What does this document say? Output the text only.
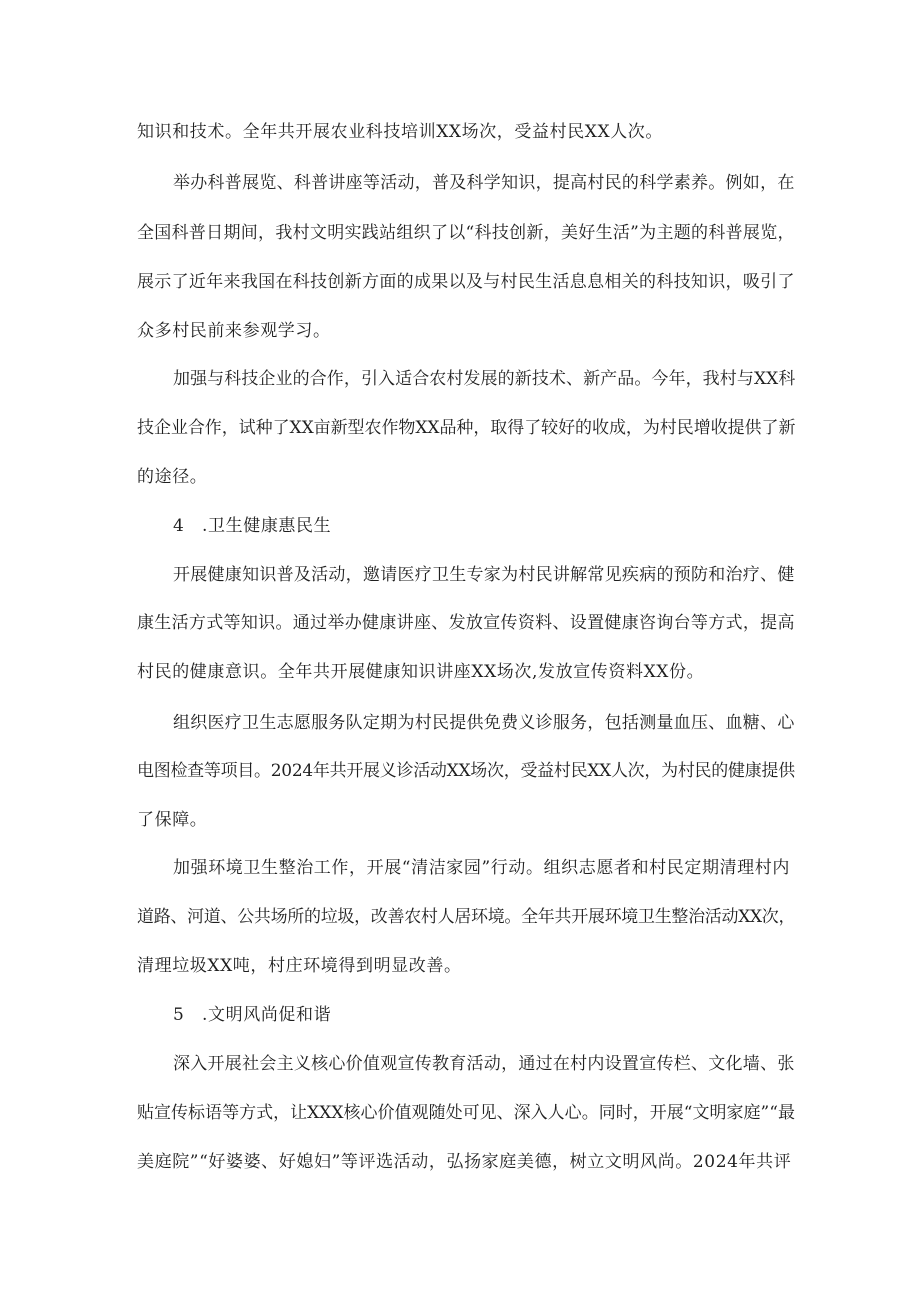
知识和技术。全年共开展农业科技培训XX场次，受益村民XX人次。
举办科普展览、科普讲座等活动，普及科学知识，提高村民的科学素养。例如，在
全国科普日期间，我村文明实践站组织了以“科技创新，美好生活”为主题的科普展览，
展示了近年来我国在科技创新方面的成果以及与村民生活息息相关的科技知识，吸引了
众多村民前来参观学习。
加强与科技企业的合作，引入适合农村发展的新技术、新产品。今年，我村与XX科
技企业合作，试种了XX亩新型农作物XX品种，取得了较好的收成，为村民增收提供了新
的途径。
4　.卫生健康惠民生
开展健康知识普及活动，邀请医疗卫生专家为村民讲解常见疾病的预防和治疗、健
康生活方式等知识。通过举办健康讲座、发放宣传资料、设置健康咨询台等方式，提高
村民的健康意识。全年共开展健康知识讲座XX场次,发放宣传资料XX份。
组织医疗卫生志愿服务队定期为村民提供免费义诊服务，包括测量血压、血糖、心
电图检查等项目。2024年共开展义诊活动XX场次，受益村民XX人次，为村民的健康提供
了保障。
加强环境卫生整治工作，开展“清洁家园”行动。组织志愿者和村民定期清理村内
道路、河道、公共场所的垃圾，改善农村人居环境。全年共开展环境卫生整治活动XX次，
清理垃圾XX吨，村庄环境得到明显改善。
5　.文明风尚促和谐
深入开展社会主义核心价值观宣传教育活动，通过在村内设置宣传栏、文化墙、张
贴宣传标语等方式，让XXX核心价值观随处可见、深入人心。同时，开展“文明家庭”“最
美庭院”“好婆婆、好媳妇”等评选活动，弘扬家庭美德，树立文明风尚。2024年共评
